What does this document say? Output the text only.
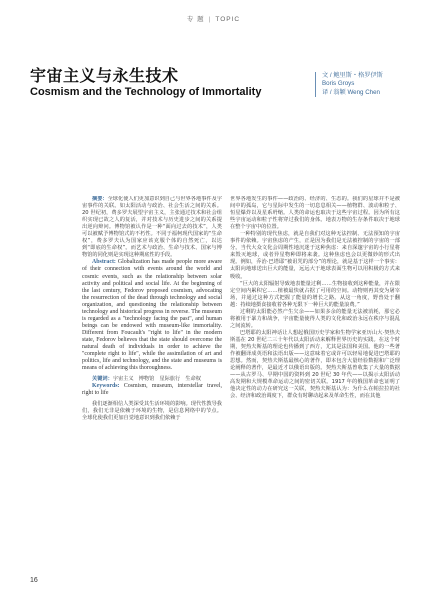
专 题 | TOPIC
宇宙主义与永生技术
Cosmism and the Technology of Immortality
文 / 鲍里斯・格罗伊斯
Boris Groys
译 / 翁颖 Weng Chen

摘要：全球化使人们更加意识到自己与世界各地事件及宇宙事件的关联。如太阳活动与政治、社会生活之间的关系。20 世纪初，费多罗夫展望宇宙主义，主张通过技术和社会组织实现已故之人的复活，并对技术与历史进步之间的关系提出逆向辩问。博物馆被认作是一种“面向过去的技术”，人类可以被赋予博物馆式的不朽性。不同于福柯现代国家的“生命权”，费多罗夫认为国家应该克服个体的自然死亡，以达到“即底的生命权”。而艺术与政治、生命与技术、国家与博物馆的同化则是实现这种期底性的手段。

Abstract: Globalization has made people more aware of their connection with events around the world and cosmic events, such as the relationship between solar activity and political and social life. At the beginning of the last century, Fedorov proposed cosmism, advocating the resurrection of the dead through technology and social organization, and questioning the relationship between technology and historical progress in reverse. The museum is regarded as a "technology facing the past", and human beings can be endowed with museum-like immortality. Different from Foucault's "right to life" in the modern state, Fedorov believes that the state should overcome the natural death of individuals in order to achieve the "complete right to life", while the assimilation of art and politics, life and technology, and the state and museums is means of achieving this thoroughness.

关键词：宇宙主义　博物馆　星际旅行　生命权

Keywords: Cosmism, museum, interstellar travel, right to life

我们逐渐相信人类深受其生活环境的影响。现代性教导我们，我们无非是依赖于环境的生物，是信息网络中的节点。全球化使我们更加自觉地意识到我们依赖于

世界各地发生的事件——政治的、经济的、生态的。我们的星球并不是被间中的孤岛，它与星际中发生的一切息息相关——植物群、波动和粒子、恒星爆炸以及星系坍缩。人类的命运也取决于这些宇宙过程。因为所有这些宇宙运动和粒子性将穿过我们的身体。地表万物的生存条件取决于地球在整个宇宙中的位置。

一种特别的现代焦虑，就是自我们对这种无法控制、无法预知的宇宙事件的依赖。宇宙焦虑的产生，正是因为我们是无法被控制的宇宙的一部分。当代大众文化会周期性地沉迷于这种焦虑：来自深邃宇宙的小行星将来毁灭地球，或者异星物种即将来袭。这种焦虑也会以更微妙的形式出现。例如，乔治·巴塔耶“被诅咒的部分”的理论，就是基于这样一个事实：太阳向地球送出巨大的能量，远远大于地球表面生物可以用积极的方式来吸收。

“巨大的太阳辐射导致地表能量过剩……生物接收到这种能量，并在限定空间内累积它……植被最快就占据了可用的空间。动物则再其变为屠宰场，并通过这种方式把握了能量的增长之路。从这一角度，野兽处于翻越：持续地摄食接收着各种无限下一种巨大的能量浪费。”

过剩的太阳能必然产生欠余——如果多余的能量无法被消耗，那它必将被用于暴力和战争，宇宙能量使得人类的文化和政治永远在秩序与混乱之间流转。

巴塔耶的太阳神话让人想起俄国历史学家和生物学家亚历山大·契热夫斯基在 20 世纪二三十年代以太阳活动来解释世界历史的实践。在这个时期，契热夫斯基的理论也传播到了西方，尤其是法国和美国。他的一些著作被翻译成英语和法语出版——这意味着它或许可以轻易地促进巴塔耶的思想。然而，契热夫斯基最核心的著作，即本包含大量经验数据和广泛理论阐释的著作，是最近才以俄语出版的。契热夫斯基曾收集了大量的数据——从古罗马、早期中国的资料到 20 世纪 30 年代——以揭示太阳活动高发期和大规模革命运动之间的密切关联。1917 年的俄国革命也证明了他决定性的动力在研究这一关联，契热夫斯基认为：为什么在帕拉拉的社会、经济和政治调度下，群众有时聊动起来及革命生性，而在其他

16
